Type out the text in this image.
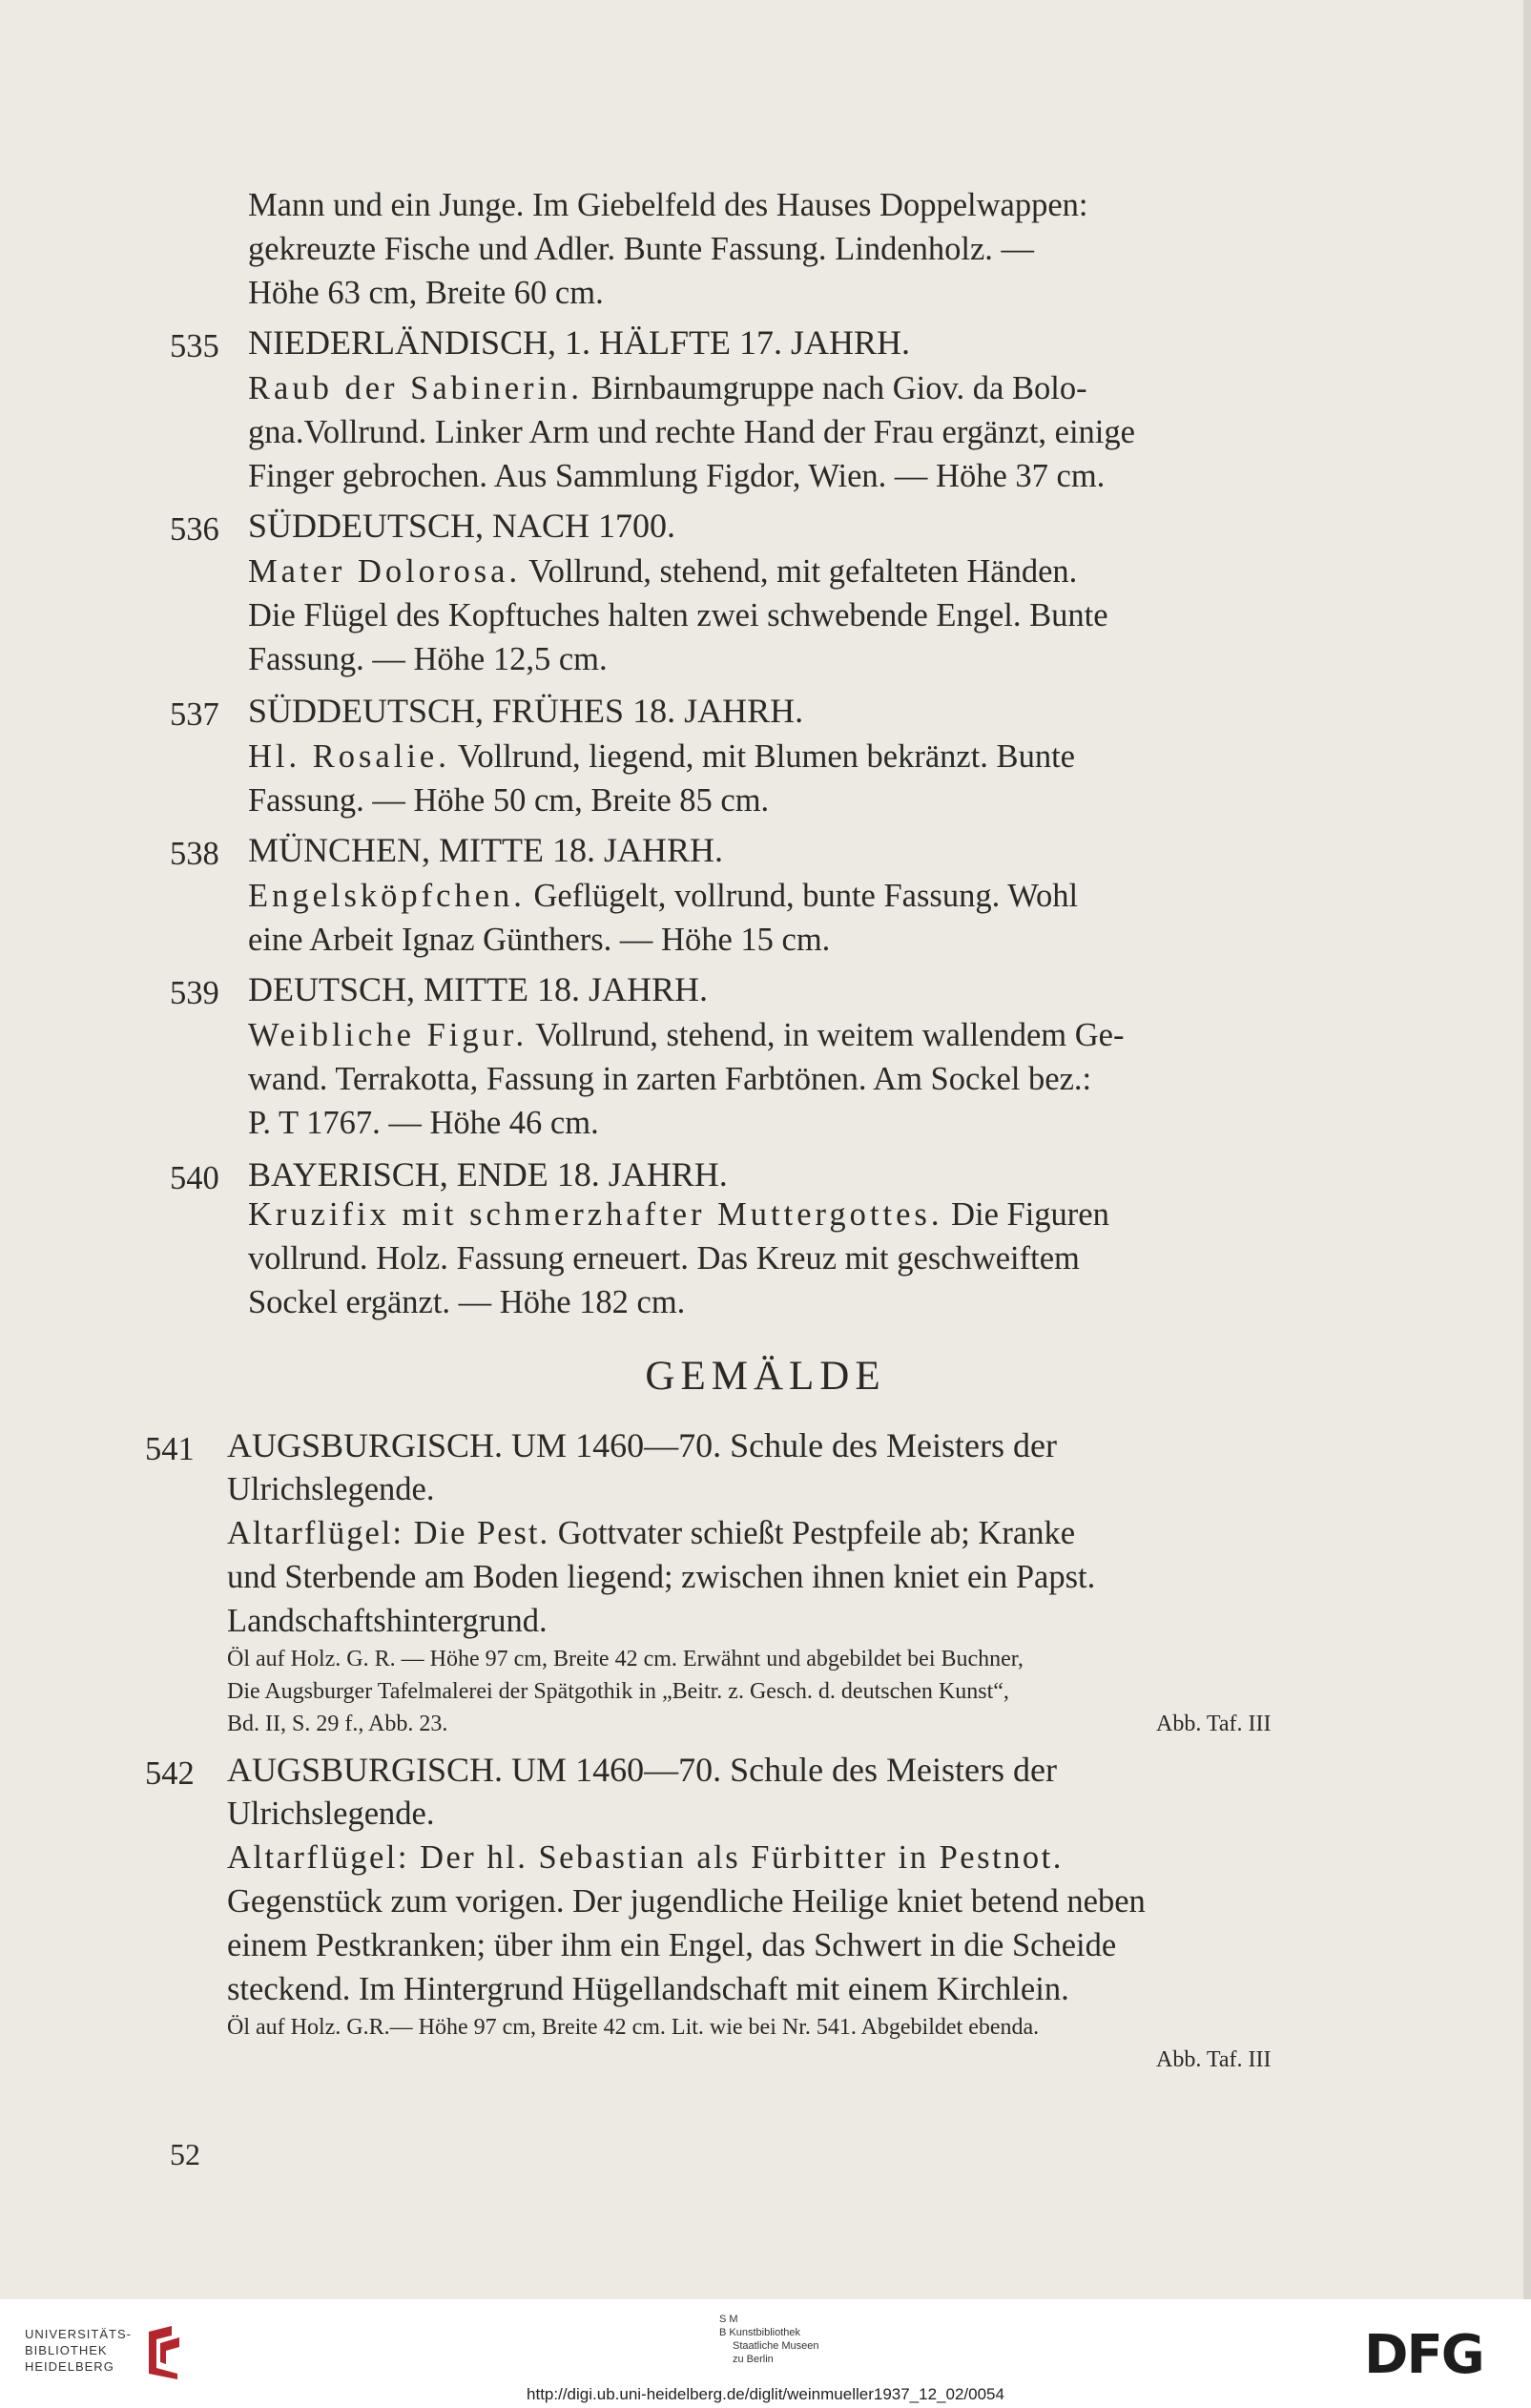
Mann und ein Junge. Im Giebelfeld des Hauses Doppelwappen:
gekreuzte Fische und Adler. Bunte Fassung. Lindenholz. —
Höhe 63 cm, Breite 60 cm.
535 NIEDERLÄNDISCH, 1. HÄLFTE 17. JAHRH.
Raub der Sabinerin. Birnbaumgruppe nach Giov. da Bolo-
gna.Vollrund. Linker Arm und rechte Hand der Frau ergänzt, einige
Finger gebrochen. Aus Sammlung Figdor, Wien. — Höhe 37 cm.
536 SÜDDEUTSCH, NACH 1700.
Mater Dolorosa. Vollrund, stehend, mit gefalteten Händen.
Die Flügel des Kopftuches halten zwei schwebende Engel. Bunte
Fassung. — Höhe 12,5 cm.
537 SÜDDEUTSCH, FRÜHES 18. JAHRH.
Hl. Rosalie. Vollrund, liegend, mit Blumen bekränzt. Bunte
Fassung. — Höhe 50 cm, Breite 85 cm.
538 MÜNCHEN, MITTE 18. JAHRH.
Engelsköpfchen. Geflügelt, vollrund, bunte Fassung. Wohl
eine Arbeit Ignaz Günthers. — Höhe 15 cm.
539 DEUTSCH, MITTE 18. JAHRH.
Weibliche Figur. Vollrund, stehend, in weitem wallendem Ge-
wand. Terrakotta, Fassung in zarten Farbtönen. Am Sockel bez.:
P. T 1767. — Höhe 46 cm.
540 BAYERISCH, ENDE 18. JAHRH.
Kruzifix mit schmerzhafter Muttergottes. Die Figuren
vollrund. Holz. Fassung erneuert. Das Kreuz mit geschweiftem
Sockel ergänzt. — Höhe 182 cm.
GEMÄLDE
541 AUGSBURGISCH. UM 1460—70. Schule des Meisters der
Ulrichslegende.
Altarflügel: Die Pest. Gottvater schießt Pestpfeile ab; Kranke
und Sterbende am Boden liegend; zwischen ihnen kniet ein Papst.
Landschaftshintergrund.
Öl auf Holz. G. R. — Höhe 97 cm, Breite 42 cm. Erwähnt und abgebildet bei Buchner,
Die Augsburger Tafelmalerei der Spätgothik in „Beitr. z. Gesch. d. deutschen Kunst“,
Bd. II, S. 29 f., Abb. 23.	Abb. Taf. III
542 AUGSBURGISCH. UM 1460—70. Schule des Meisters der
Ulrichslegende.
Altarflügel: Der hl. Sebastian als Fürbitter in Pestnot.
Gegenstück zum vorigen. Der jugendliche Heilige kniet betend neben
einem Pestkranken; über ihm ein Engel, das Schwert in die Scheide
steckend. Im Hintergrund Hügellandschaft mit einem Kirchlein.
Öl auf Holz. G.R.— Höhe 97 cm, Breite 42 cm. Lit. wie bei Nr. 541. Abgebildet ebenda.
Abb. Taf. III
52
UNIVERSITÄTS-
BIBLIOTHEK
HEIDELBERG
S M
B Kunstbibliothek
Staatliche Museen
zu Berlin	DFG
http://digi.ub.uni-heidelberg.de/diglit/weinmueller1937_12_02/0054
